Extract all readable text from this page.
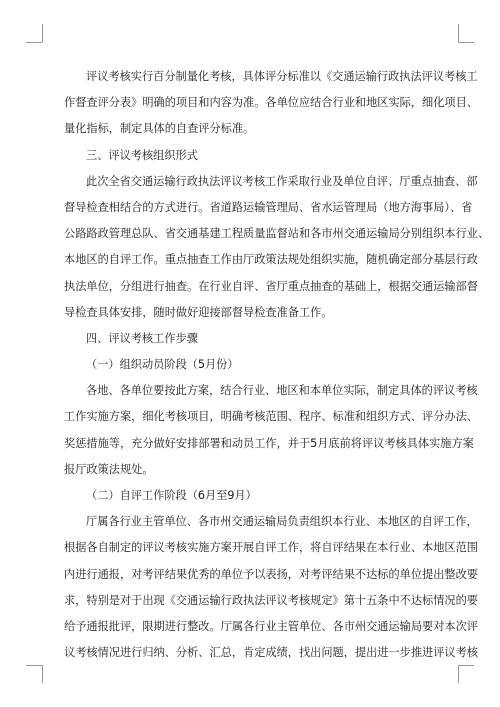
评议考核实行百分制量化考核，具体评分标准以《交通运输行政执法评议考核工
作督查评分表》明确的项目和内容为准。各单位应结合行业和地区实际，细化项目、
量化指标，制定具体的自查评分标准。
三、评议考核组织形式
此次全省交通运输行政执法评议考核工作采取行业及单位自评、厅重点抽查、部
督导检查相结合的方式进行。省道路运输管理局、省水运管理局（地方海事局）、省
公路路政管理总队、省交通基建工程质量监督站和各市州交通运输局分别组织本行业、
本地区的自评工作。重点抽查工作由厅政策法规处组织实施，随机确定部分基层行政
执法单位，分组进行抽查。在行业自评、省厅重点抽查的基础上，根据交通运输部督
导检查具体安排，随时做好迎接部督导检查准备工作。
四、评议考核工作步骤
（一）组织动员阶段（5月份）
各地、各单位要按此方案，结合行业、地区和本单位实际，制定具体的评议考核
工作实施方案，细化考核项目，明确考核范围、程序、标准和组织方式、评分办法、
奖惩措施等，充分做好安排部署和动员工作，并于5月底前将评议考核具体实施方案
报厅政策法规处。
（二）自评工作阶段（6月至9月）
厅属各行业主管单位、各市州交通运输局负责组织本行业、本地区的自评工作，
根据各自制定的评议考核实施方案开展自评工作，将自评结果在本行业、本地区范围
内进行通报，对考评结果优秀的单位予以表扬，对考评结果不达标的单位提出整改要
求，特别是对于出现《交通运输行政执法评议考核规定》第十五条中不达标情况的要
给予通报批评，限期进行整改。厅属各行业主管单位、各市州交通运输局要对本次评
议考核情况进行归纳、分析、汇总，肯定成绩，找出问题，提出进一步推进评议考核
